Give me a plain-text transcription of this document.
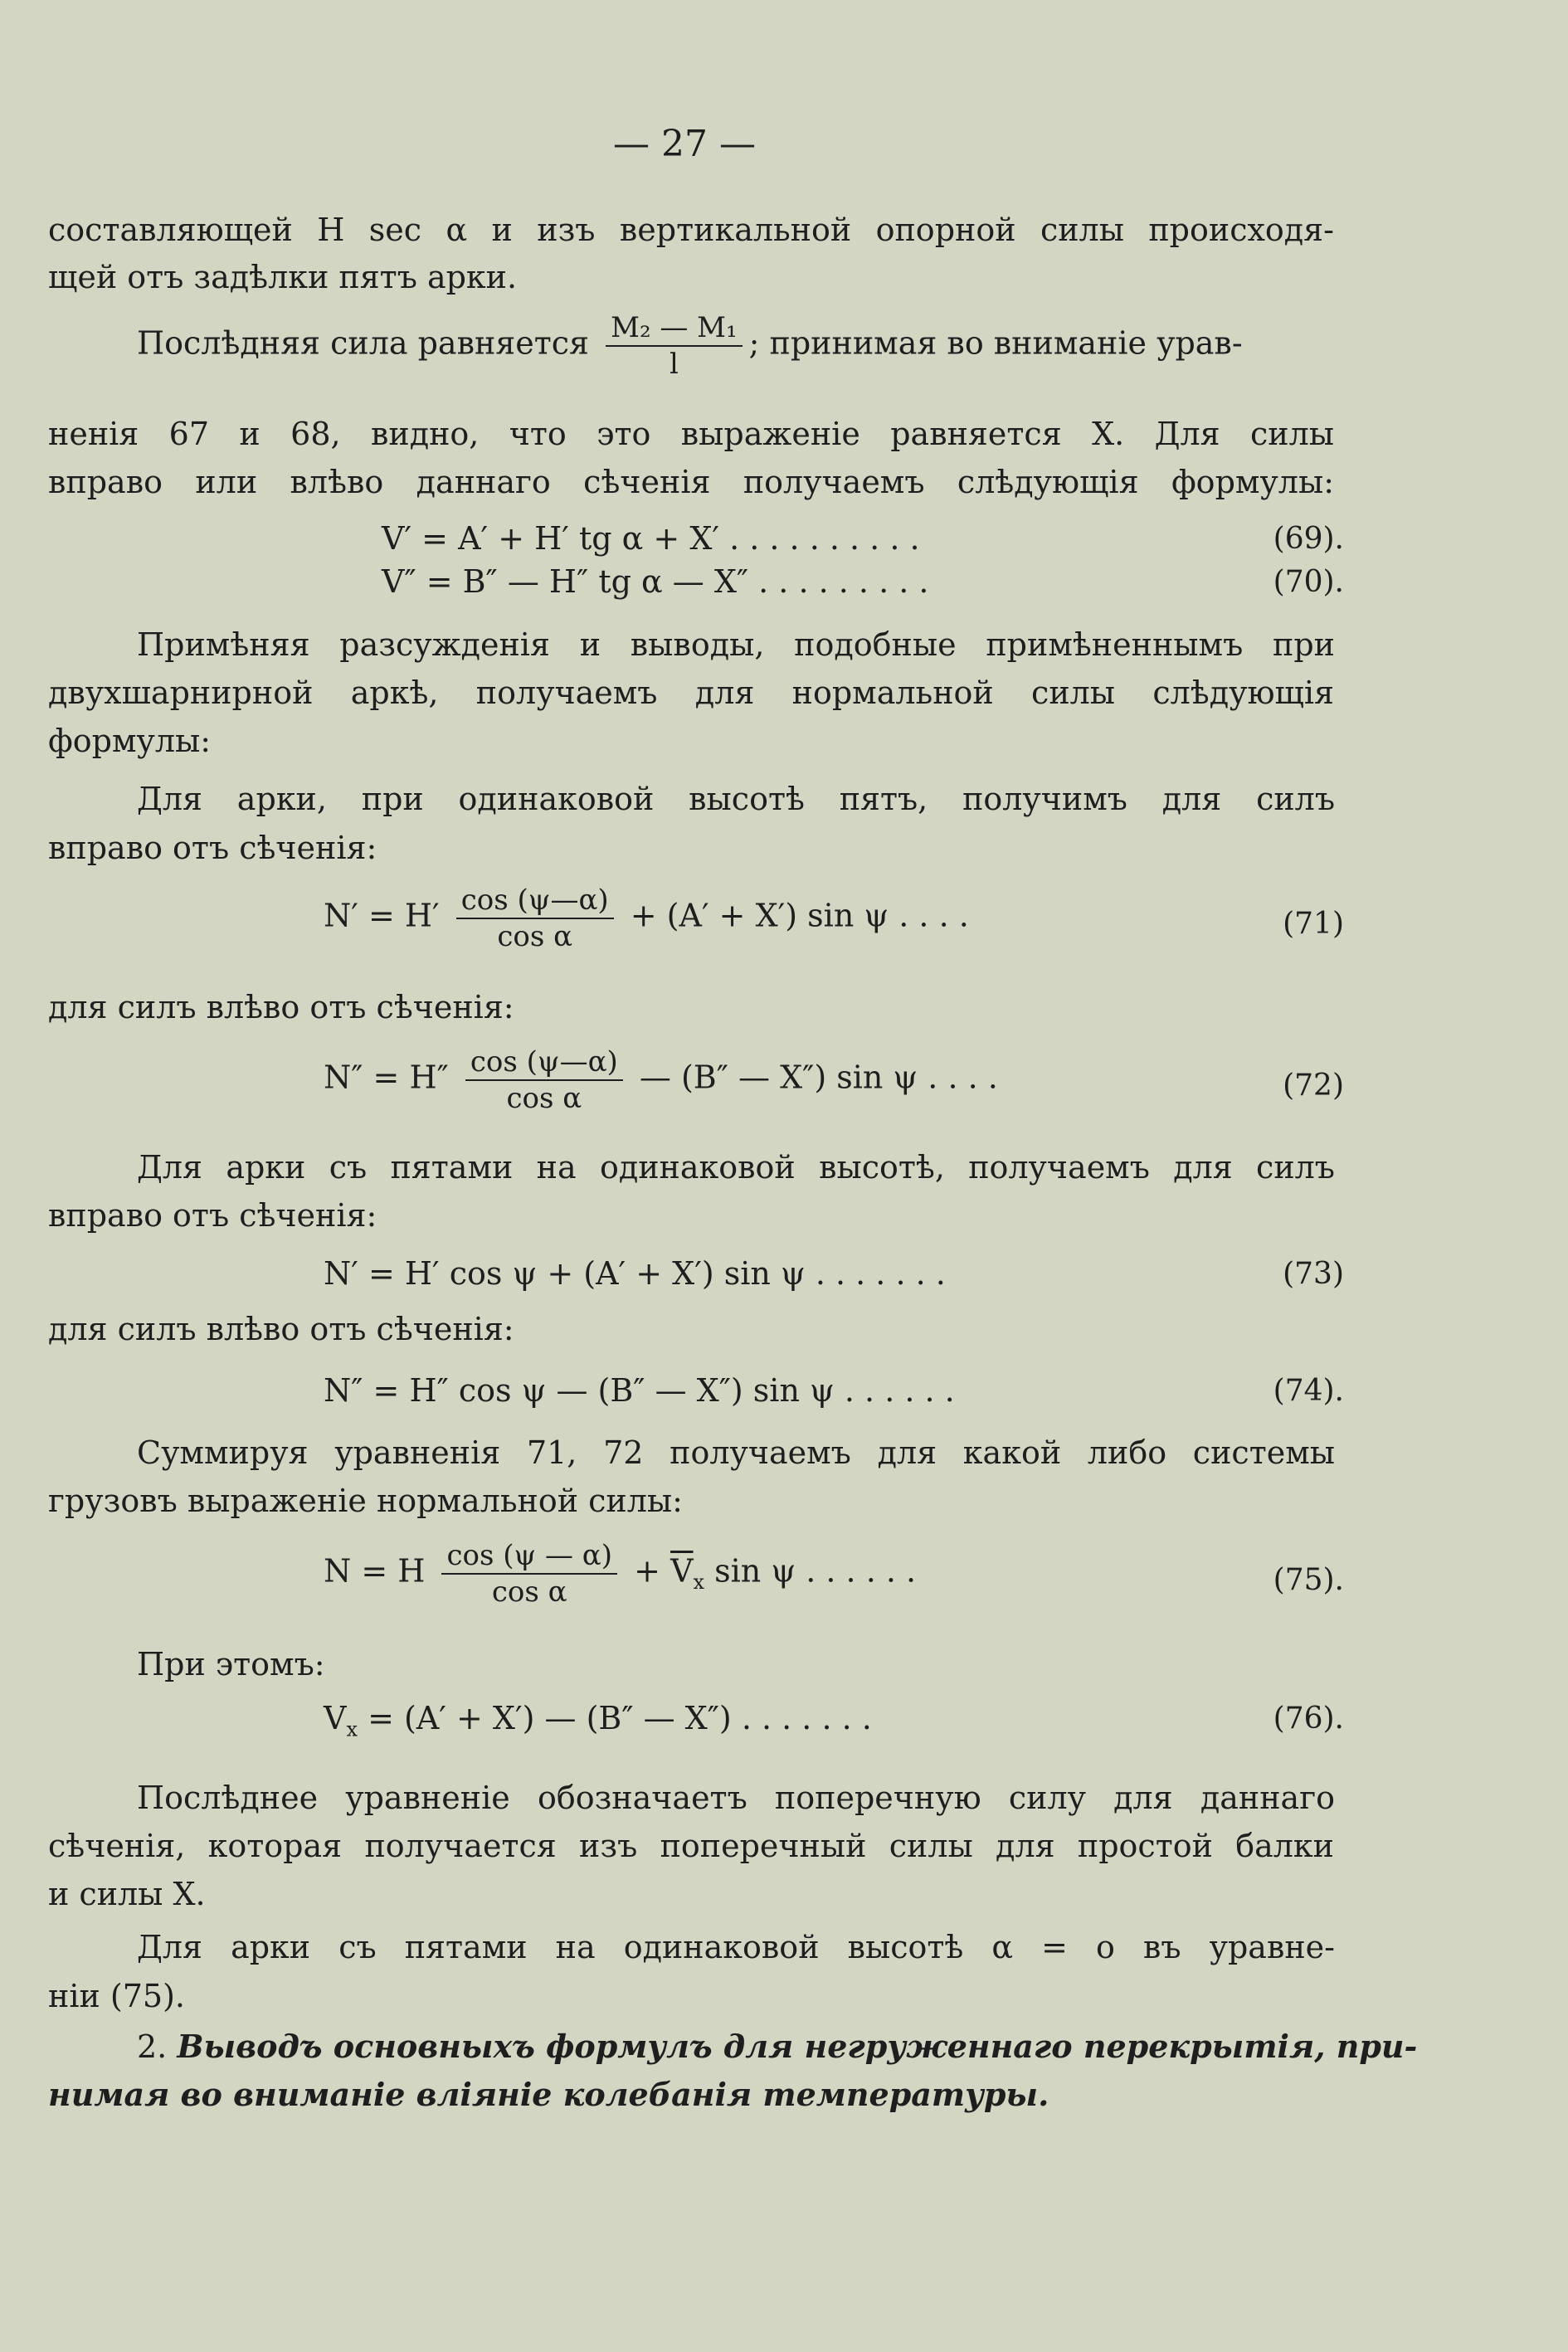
— 27 —
составляющей H sec α и изъ вертикальной опорной силы происходя-
щей отъ задѣлки пятъ арки.
Послѣдняя сила равняется $\frac{\text{M₂ — M₁}}{l}$ ; принимая во вниманіе урав-
ненія 67 и 68, видно, что это выраженіе равняется X. Для силы
вправо или влѣво даннаго сѣченія получаемъ слѣдующія формулы:
V′ = A′ + H′ tg α + X′ . . . . . . . . . .	(69).
V″ = B″ — H″ tg α — X″ . . . . . . . . .	(70).
Примѣняя разсужденія и выводы, подобные примѣненнымъ при
двухшарнирной аркѣ, получаемъ для нормальной силы слѣдующія
формулы:
Для арки, при одинаковой высотѣ пятъ, получимъ для силъ
вправо отъ сѣченія:
$N' = H' \frac{\cos (\psi—\alpha)}{\text{cos α}} + (A' + X')$ sin ψ . . . .	(71)
для силъ влѣво отъ сѣченія:
$N'' = H'' \frac{\cos (\psi—\alpha)}{\text{cos α}}$ — (B″ — X″) sin ψ . . . .	(72)
Для арки съ пятами на одинаковой высотѣ, получаемъ для силъ
вправо отъ сѣченія:
N′ = H′ cos ψ + (A′ + X′) sin ψ . . . . . . .	(73)
для силъ влѣво отъ сѣченія:
N″ = H″ cos ψ — (B″ — X″) sin ψ . . . . . .	(74).
Суммируя уравненія 71, 72 получаемъ для какой либо системы
грузовъ выраженіе нормальной силы:
N = H $\frac{\cos (\psi — \alpha)}{\text{cos α}} + \overline{V}_x$ sin ψ . . . . . .	(75).
При этомъ:
$V_x = (A' + X')$ — (B″ — X″) . . . . . . .	(76).
Послѣднее уравненіе обозначаетъ поперечную силу для даннаго
сѣченія, которая получается изъ поперечный силы для простой балки
и силы X.
Для арки съ пятами на одинаковой высотѣ α = о въ уравне-
ніи (75).
2. Выводъ основныхъ формулъ для негруженнаго перекрытія, при-
нимая во вниманіе вліяніе колебанія температуры.
